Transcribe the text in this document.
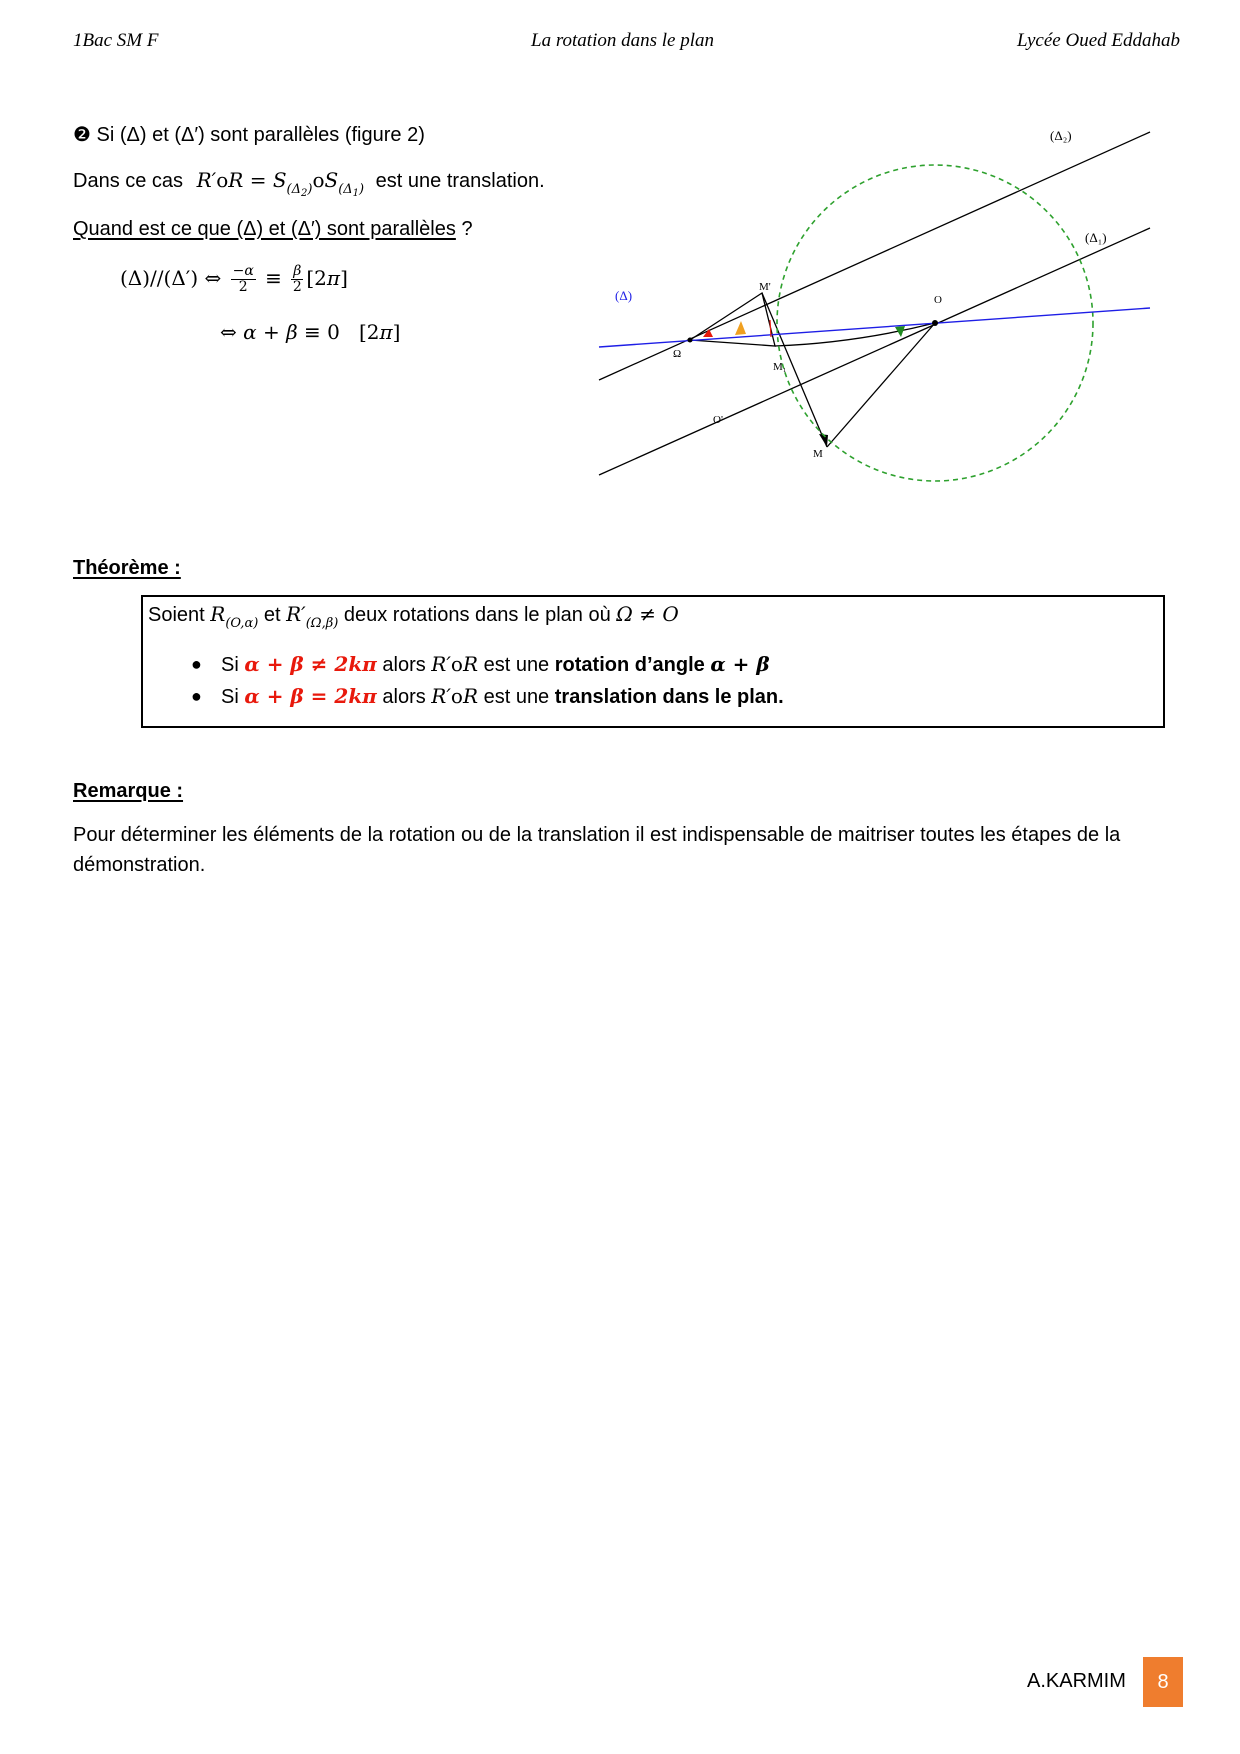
1Bac SM F	La rotation dans le plan	Lycée Oued Eddahab
❷ Si (Δ) et (Δ′) sont parallèles (figure 2)
Dans ce cas $R'oR = S_{(\Delta_2)}oS_{(\Delta_1)}$ est une translation.
Quand est ce que (Δ) et (Δ′) sont parallèles ?
(Δ)//(Δ′) ⇔ $\frac{-\alpha}{2} \equiv \frac{\beta}{2} [2\pi]$
⇔ α + β ≡ 0   [2π]
(Δ₂)
(Δ₁)
(Δ)	O
Ω
M'
M₁
M
O'
Théorème :
Soient $R_{(O,\alpha)}$ et $R'_{(\Omega,\beta)}$ deux rotations dans le plan où Ω ≠ O
● Si α + β ≠ 2kπ alors R′oR est une rotation d’angle α + β
● Si α + β = 2kπ alors R′oR est une translation dans le plan.
Remarque :
Pour déterminer les éléments de la rotation ou de la translation il est indispensable de maitriser toutes les étapes de la
démonstration.
A.KARMIM	8
